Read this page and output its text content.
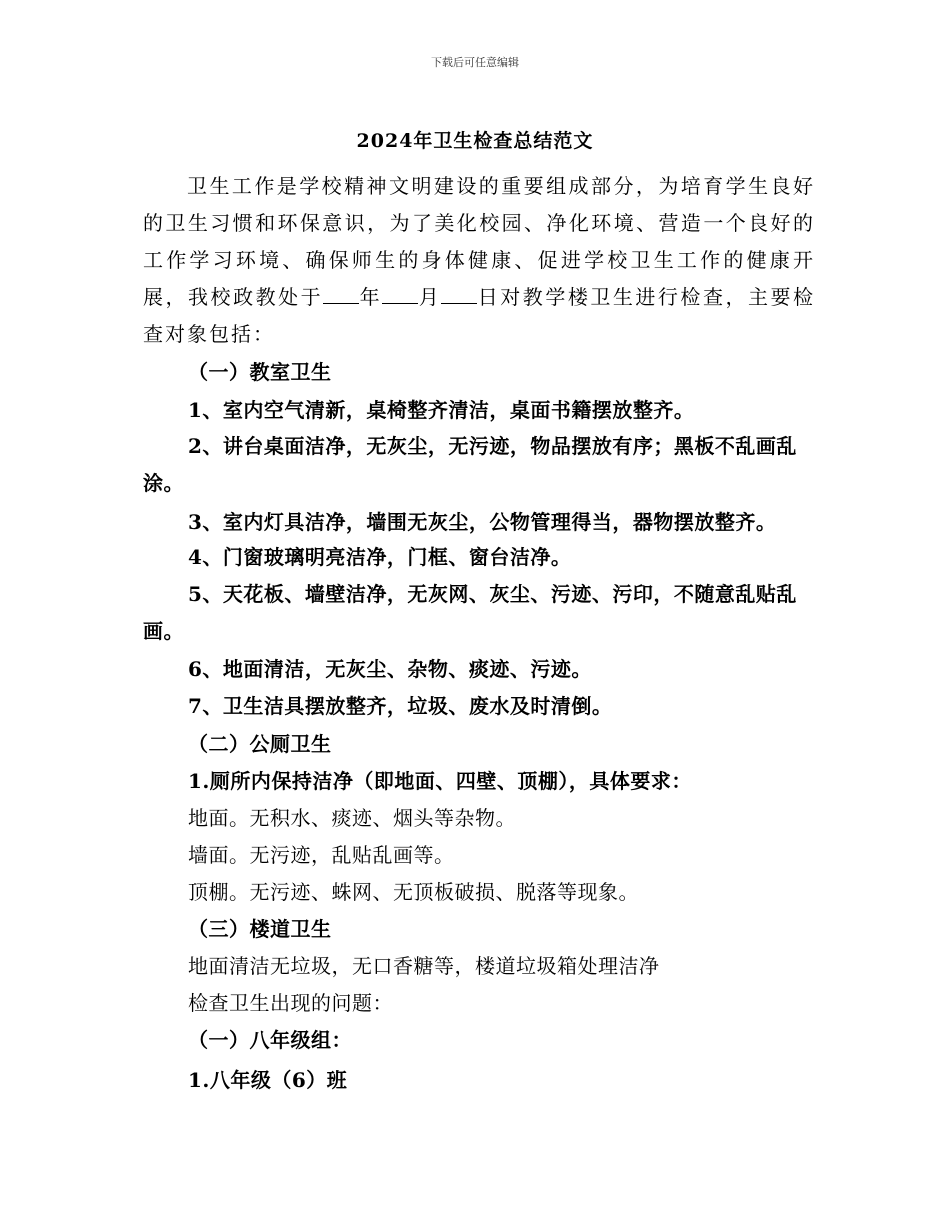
下载后可任意编辑
2024年卫生检查总结范文
卫生工作是学校精神文明建设的重要组成部分，为培育学生良好的卫生习惯和环保意识，为了美化校园、净化环境、营造一个良好的工作学习环境、确保师生的身体健康、促进学校卫生工作的健康开展，我校政教处于 年 月 日对教学楼卫生进行检查，主要检查对象包括：
（一）教室卫生
1、室内空气清新，桌椅整齐清洁，桌面书籍摆放整齐。
2、讲台桌面洁净，无灰尘，无污迹，物品摆放有序；黑板不乱画乱涂。
3、室内灯具洁净，墙围无灰尘，公物管理得当，器物摆放整齐。
4、门窗玻璃明亮洁净，门框、窗台洁净。
5、天花板、墙壁洁净，无灰网、灰尘、污迹、污印，不随意乱贴乱画。
6、地面清洁，无灰尘、杂物、痰迹、污迹。
7、卫生洁具摆放整齐，垃圾、废水及时清倒。
（二）公厕卫生
1.厕所内保持洁净（即地面、四壁、顶棚），具体要求：
地面。无积水、痰迹、烟头等杂物。
墙面。无污迹，乱贴乱画等。
顶棚。无污迹、蛛网、无顶板破损、脱落等现象。
（三）楼道卫生
地面清洁无垃圾，无口香糖等，楼道垃圾箱处理洁净
检查卫生出现的问题：
（一）八年级组：
1.八年级（6）班
